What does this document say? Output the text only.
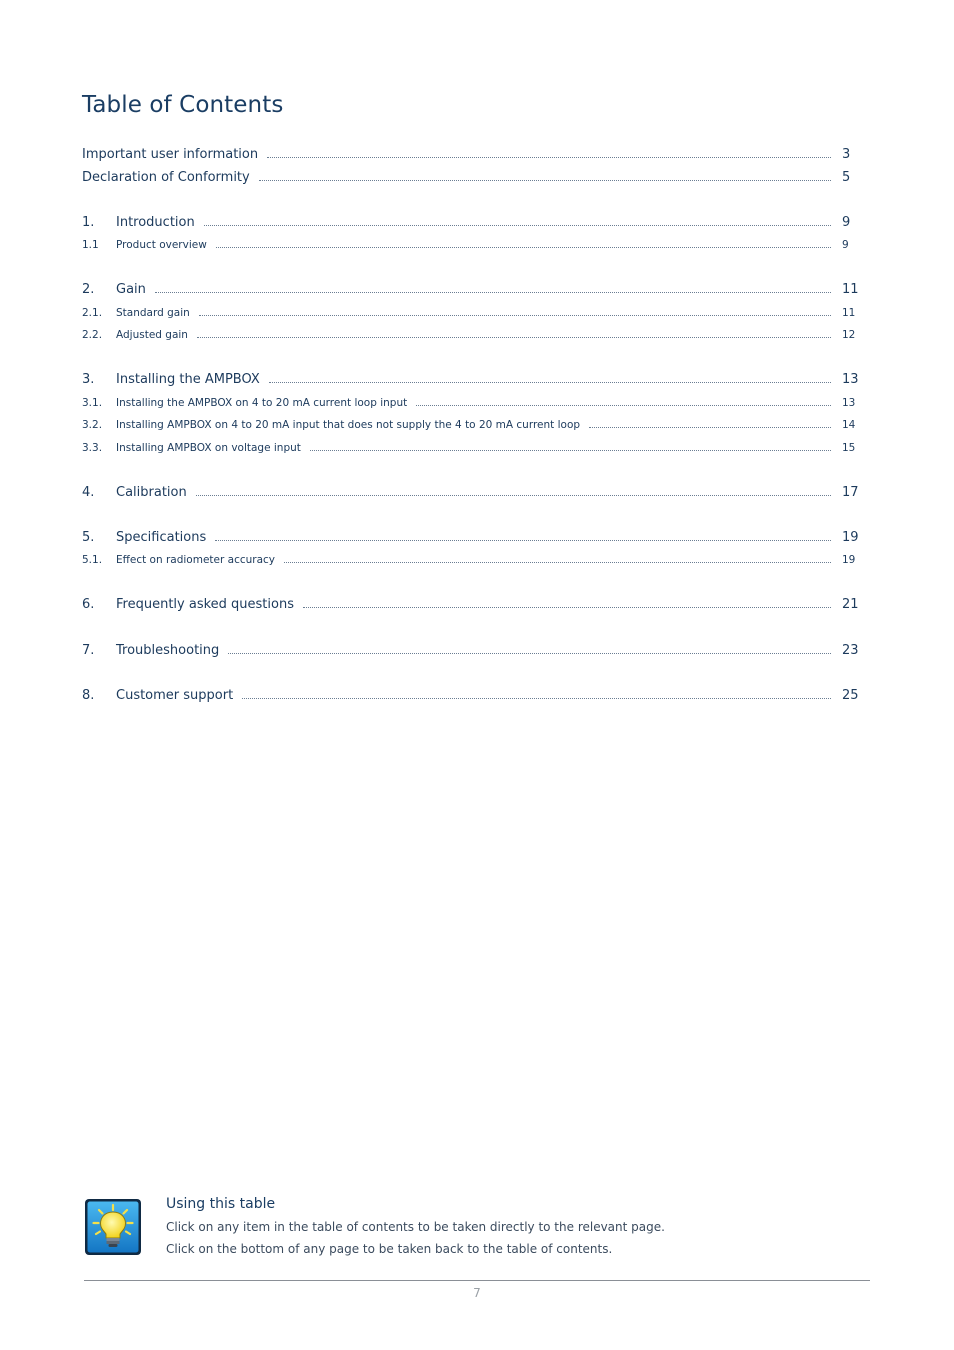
Table of Contents
Important user information	3
Declaration of Conformity	5
1.	Introduction	9
1.1	Product overview	9
2.	Gain	11
2.1.	Standard gain	11
2.2.	Adjusted gain	12
3.	Installing the AMPBOX	13
3.1.	Installing the AMPBOX on 4 to 20 mA current loop input	13
3.2.	Installing AMPBOX on 4 to 20 mA input that does not supply the 4 to 20 mA current loop	14
3.3.	Installing AMPBOX on voltage input	15
4.	Calibration	17
5.	Specifications	19
5.1.	Effect on radiometer accuracy	19
6.	Frequently asked questions	21
7.	Troubleshooting	23
8.	Customer support	25
Using this table
Click on any item in the table of contents to be taken directly to the relevant page.
Click on the bottom of any page to be taken back to the table of contents.
7
